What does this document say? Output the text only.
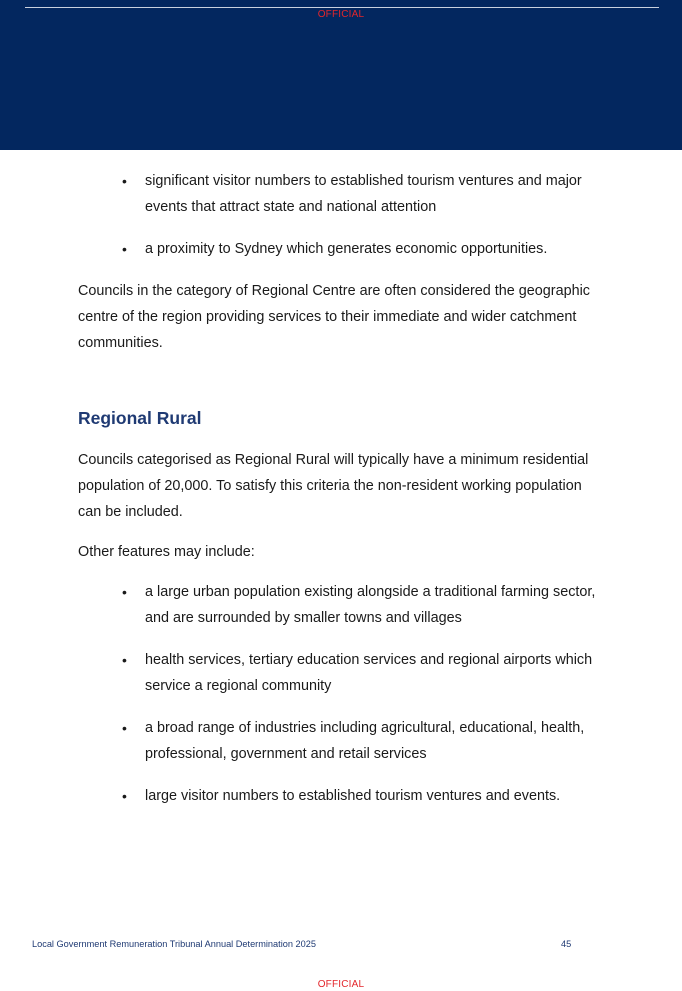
OFFICIAL
• significant visitor numbers to established tourism ventures and major events that attract state and national attention
• a proximity to Sydney which generates economic opportunities.

Councils in the category of Regional Centre are often considered the geographic centre of the region providing services to their immediate and wider catchment communities.

Regional Rural

Councils categorised as Regional Rural will typically have a minimum residential population of 20,000. To satisfy this criteria the non-resident working population can be included.

Other features may include:

• a large urban population existing alongside a traditional farming sector, and are surrounded by smaller towns and villages
• health services, tertiary education services and regional airports which service a regional community
• a broad range of industries including agricultural, educational, health, professional, government and retail services
• large visitor numbers to established tourism ventures and events.
Local Government Remuneration Tribunal Annual Determination 2025	45
OFFICIAL
